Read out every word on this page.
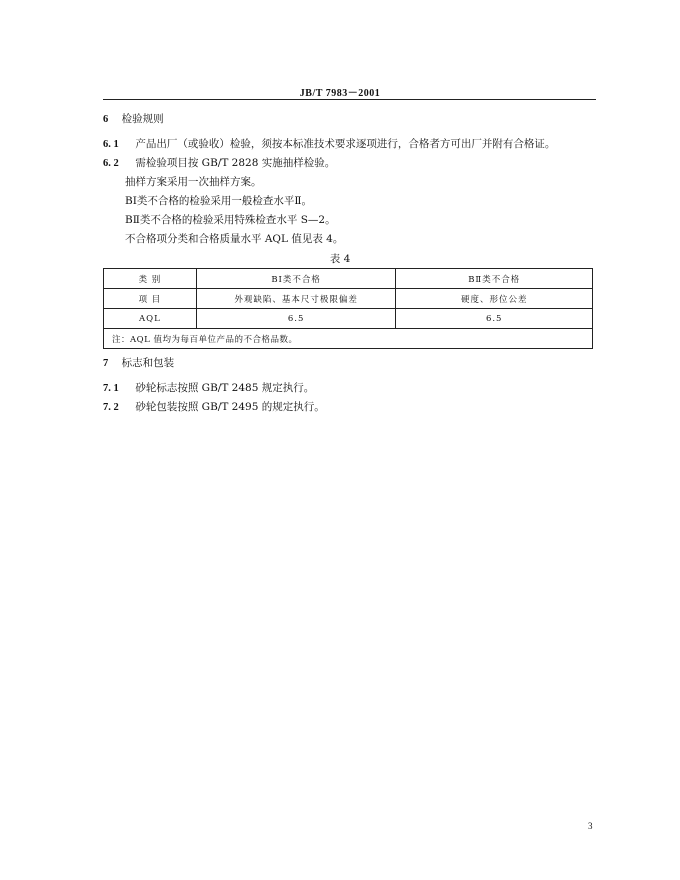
JB/T 7983－2001
6 检验规则
6. 1 产品出厂（或验收）检验，须按本标准技术要求逐项进行，合格者方可出厂并附有合格证。
6. 2 需检验项目按 GB/T 2828 实施抽样检验。
抽样方案采用一次抽样方案。
BⅠ类不合格的检验采用一般检查水平Ⅱ。
BⅡ类不合格的检验采用特殊检查水平 S—2。
不合格项分类和合格质量水平 AQL 值见表 4。
表 4
类 别	BⅠ类不合格	BⅡ类不合格
项 目	外观缺陷、基本尺寸极限偏差	硬度、形位公差
AQL	6.5	6.5
注：AQL 值均为每百单位产品的不合格品数。		
7 标志和包装
7. 1 砂轮标志按照 GB/T 2485 规定执行。
7. 2 砂轮包装按照 GB/T 2495 的规定执行。
3
